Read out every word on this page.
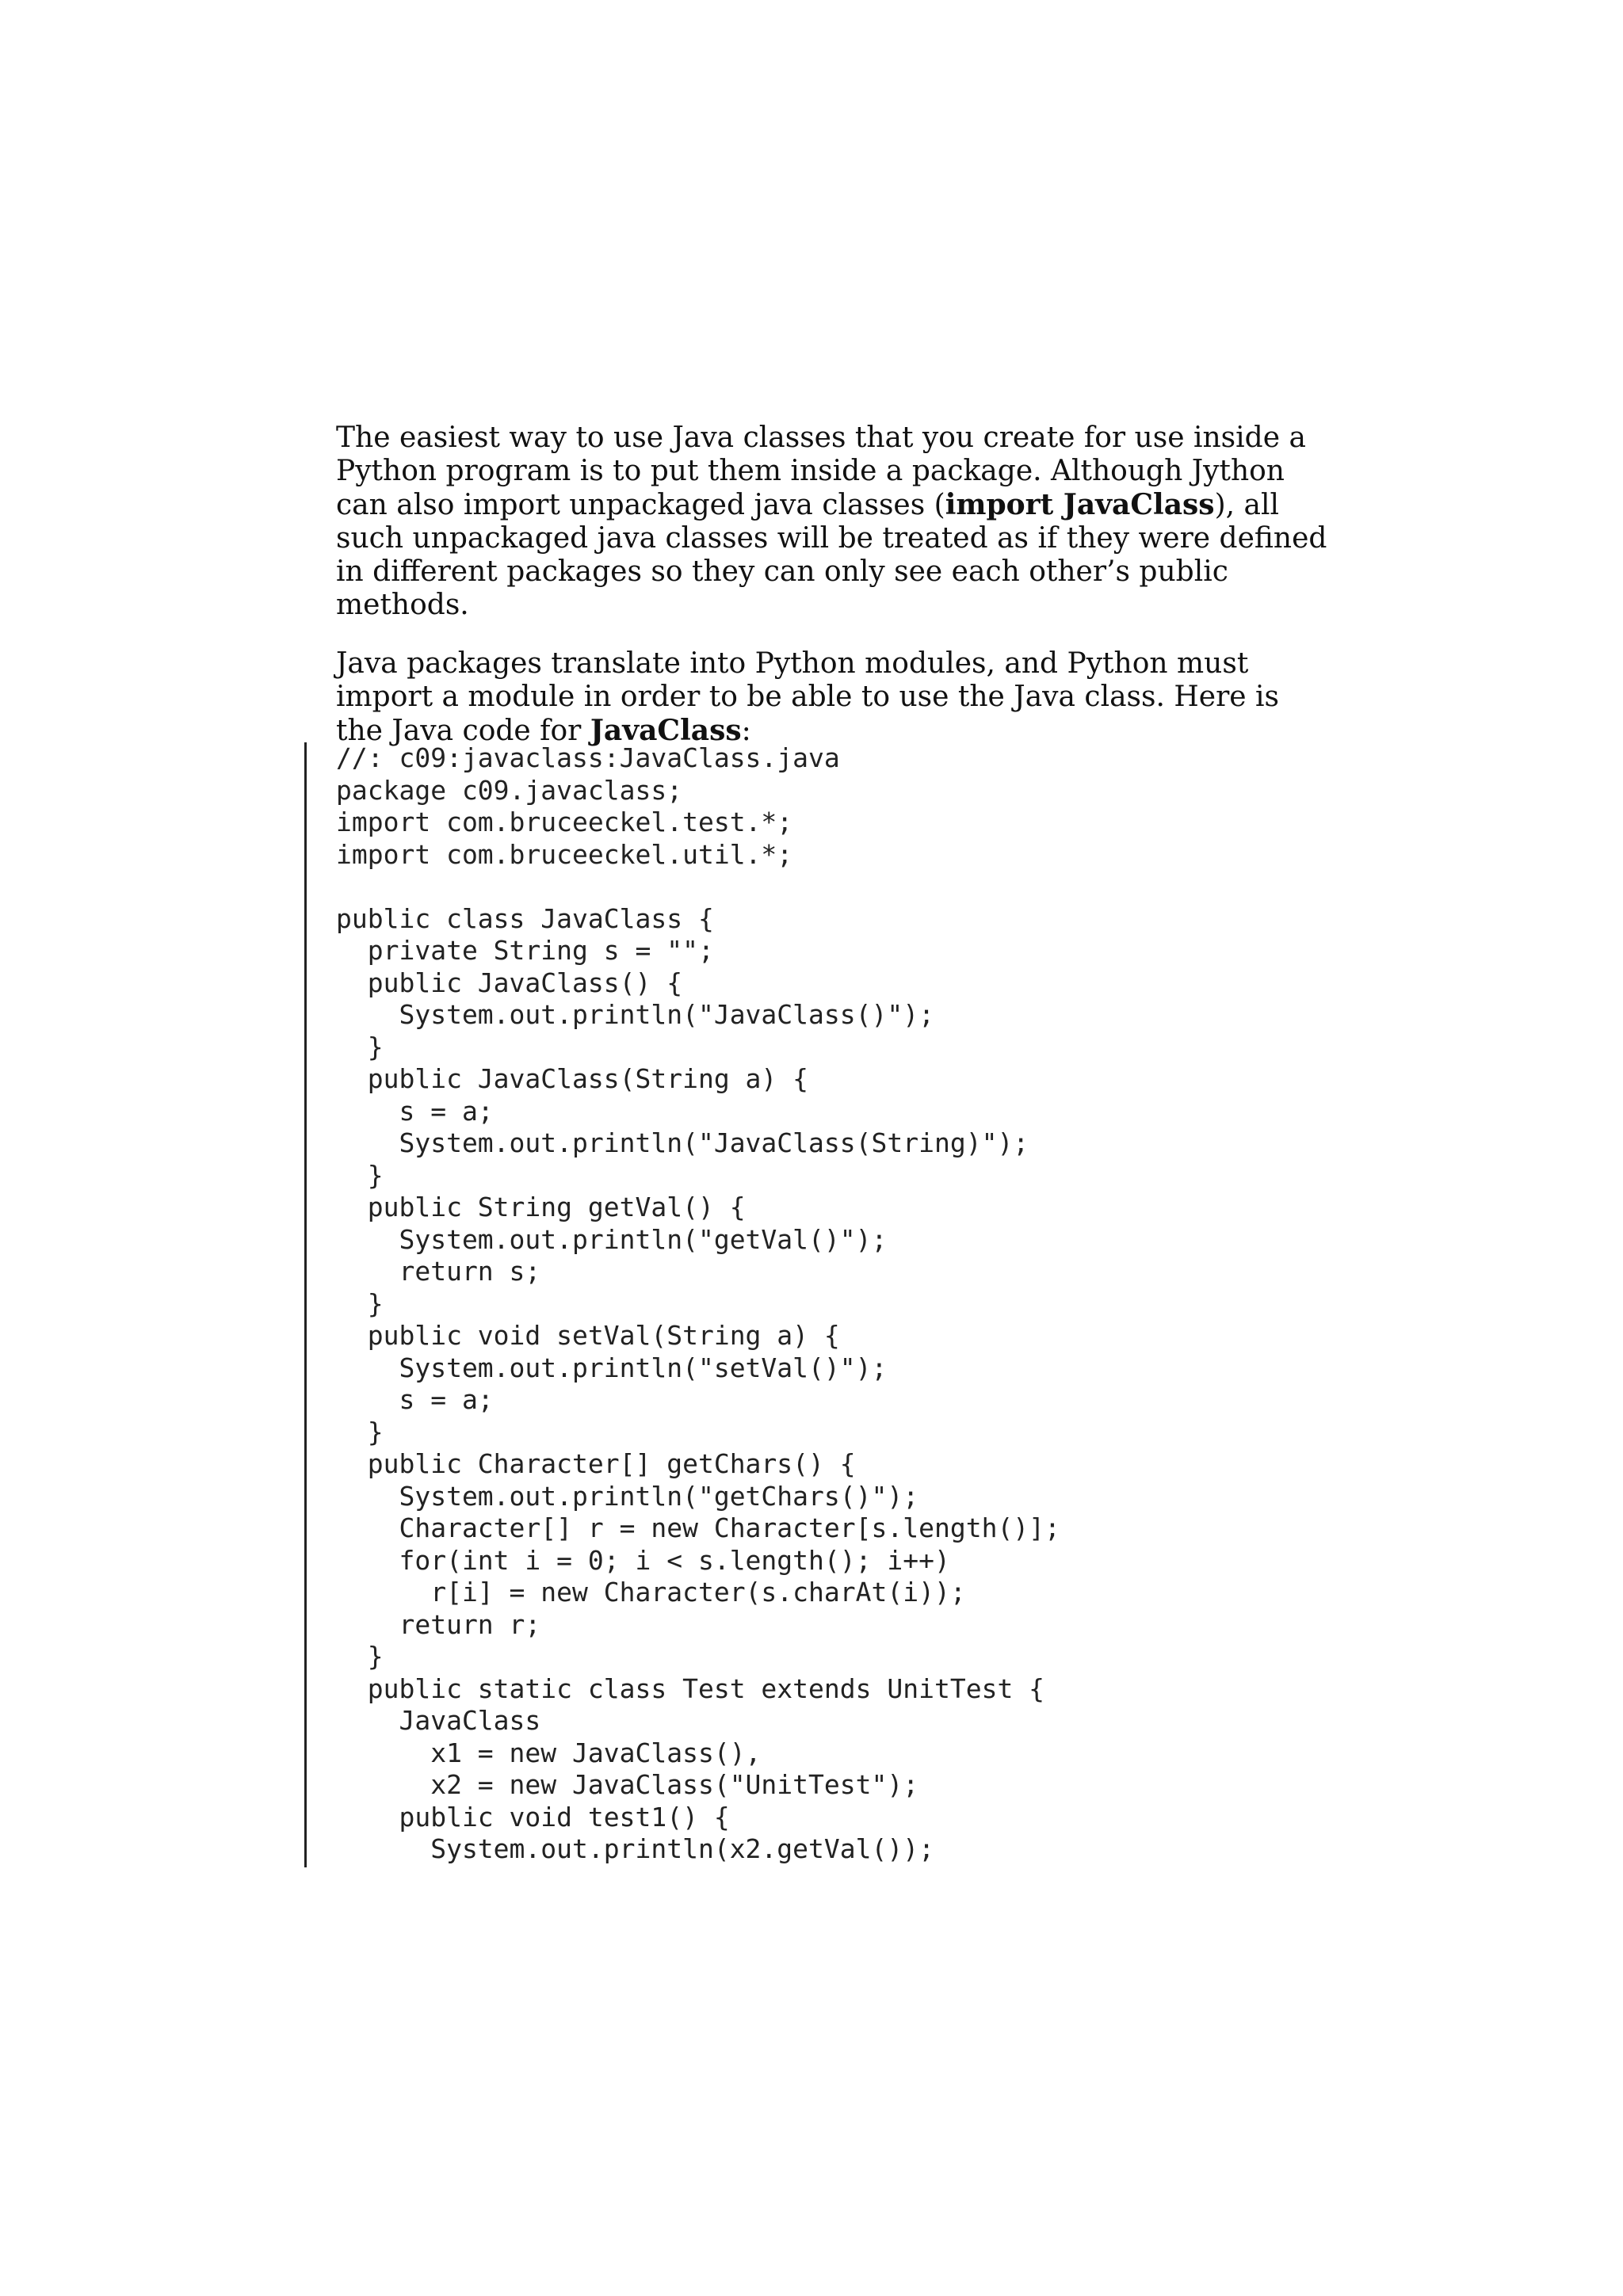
The easiest way to use Java classes that you create for use inside a Python program is to put them inside a package. Although Jython can also import unpackaged java classes (import JavaClass), all such unpackaged java classes will be treated as if they were defined in different packages so they can only see each other’s public methods.

Java packages translate into Python modules, and Python must import a module in order to be able to use the Java class. Here is the Java code for JavaClass:

//: c09:javaclass:JavaClass.java
package c09.javaclass;
import com.bruceeckel.test.*;
import com.bruceeckel.util.*;
public class JavaClass {
private String s = "";
public JavaClass() {
System.out.println("JavaClass()");
}
public JavaClass(String a) {
s = a;
System.out.println("JavaClass(String)");
}
public String getVal() {
System.out.println("getVal()");
return s;
}
public void setVal(String a) {
System.out.println("setVal()");
s = a;
}
public Character[] getChars() {
System.out.println("getChars()");
Character[] r = new Character[s.length()];
for(int i = 0; i < s.length(); i++)
r[i] = new Character(s.charAt(i));
return r;
}
public static class Test extends UnitTest {
JavaClass
x1 = new JavaClass(),
x2 = new JavaClass("UnitTest");
public void test1() {
System.out.println(x2.getVal());
